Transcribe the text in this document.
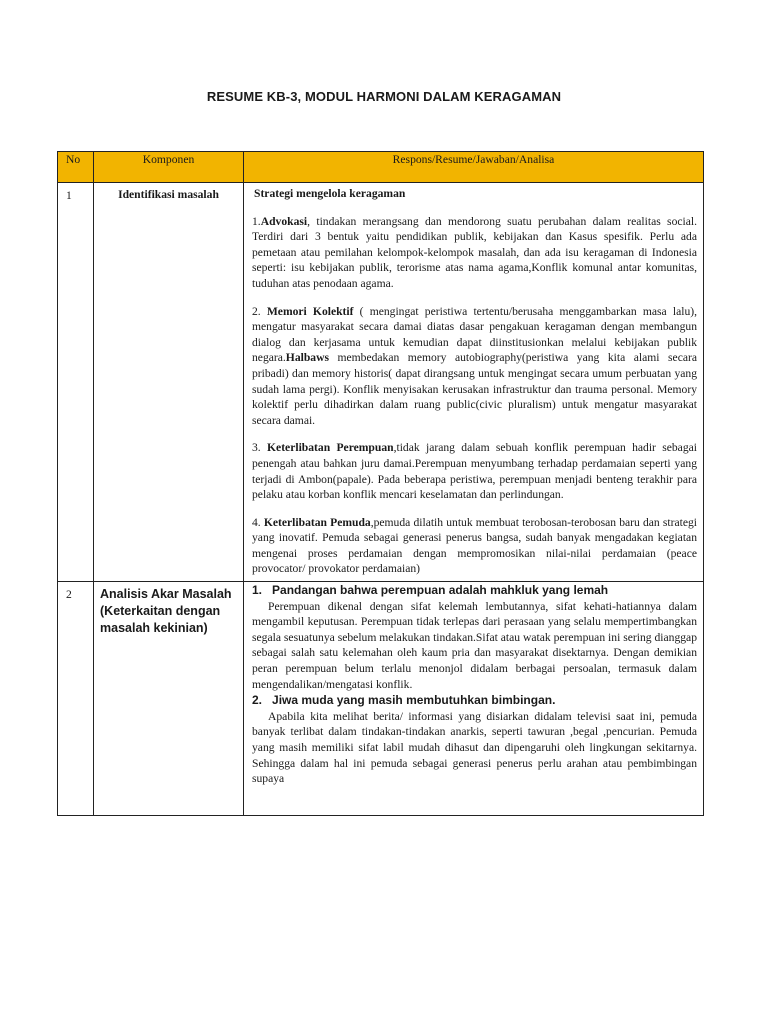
RESUME KB-3, MODUL HARMONI DALAM KERAGAMAN
No	Komponen	Respons/Resume/Jawaban/Analisa
1	Identifikasi masalah	Strategi mengelola keragaman

1.Advokasi, tindakan merangsang dan mendorong suatu perubahan dalam realitas social. Terdiri dari 3 bentuk yaitu pendidikan publik, kebijakan dan Kasus spesifik. Perlu ada pemetaan atau pemilahan kelompok-kelompok masalah, dan ada isu keragaman di Indonesia seperti: isu kebijakan publik, terorisme atas nama agama,Konflik komunal antar komunitas, tuduhan atas penodaan agama.

2. Memori Kolektif ( mengingat peristiwa tertentu/berusaha menggambarkan masa lalu), mengatur masyarakat secara damai diatas dasar pengakuan keragaman dengan membangun dialog dan kerjasama untuk kemudian dapat diinstitusionkan melalui kebijakan publik negara.Halbaws membedakan memory autobiography(peristiwa yang kita alami secara pribadi) dan memory historis( dapat dirangsang untuk mengingat secara umum perbuatan yang sudah lama pergi). Konflik menyisakan kerusakan infrastruktur dan trauma personal. Memory kolektif perlu dihadirkan dalam ruang public(civic pluralism) untuk mengatur masyarakat secara damai.

3. Keterlibatan Perempuan,tidak jarang dalam sebuah konflik perempuan hadir sebagai penengah atau bahkan juru damai.Perempuan menyumbang terhadap perdamaian seperti yang terjadi di Ambon(papale). Pada beberapa peristiwa, perempuan menjadi benteng terakhir para pelaku atau korban konflik mencari keselamatan dan perlindungan.

4. Keterlibatan Pemuda,pemuda dilatih untuk membuat terobosan-terobosan baru dan strategi yang inovatif. Pemuda sebagai generasi penerus bangsa, sudah banyak mengadakan kegiatan mengenai proses perdamaian dengan mempromosikan nilai-nilai perdamaian (peace provocator/ provokator perdamaian)

2	Analisis Akar Masalah (Keterkaitan dengan masalah kekinian)	1. Pandangan bahwa perempuan adalah mahkluk yang lemah

Perempuan dikenal dengan sifat kelemah lembutannya, sifat kehati-hatiannya dalam mengambil keputusan. Perempuan tidak terlepas dari perasaan yang selalu mempertimbangkan segala sesuatunya sebelum melakukan tindakan.Sifat atau watak perempuan ini sering dianggap sebagai salah satu kelemahan oleh kaum pria dan masyarakat disektarnya. Dengan demikian peran perempuan belum terlalu menonjol didalam berbagai persoalan, termasuk dalam mengendalikan/mengatasi konflik.

2. Jiwa muda yang masih membutuhkan bimbingan.

Apabila kita melihat berita/ informasi yang disiarkan didalam televisi saat ini, pemuda banyak terlibat dalam tindakan-tindakan anarkis, seperti tawuran ,begal ,pencurian. Pemuda yang masih memiliki sifat labil mudah dihasut dan dipengaruhi oleh lingkungan sekitarnya. Sehingga dalam hal ini pemuda sebagai generasi penerus perlu arahan atau pembimbingan supaya
